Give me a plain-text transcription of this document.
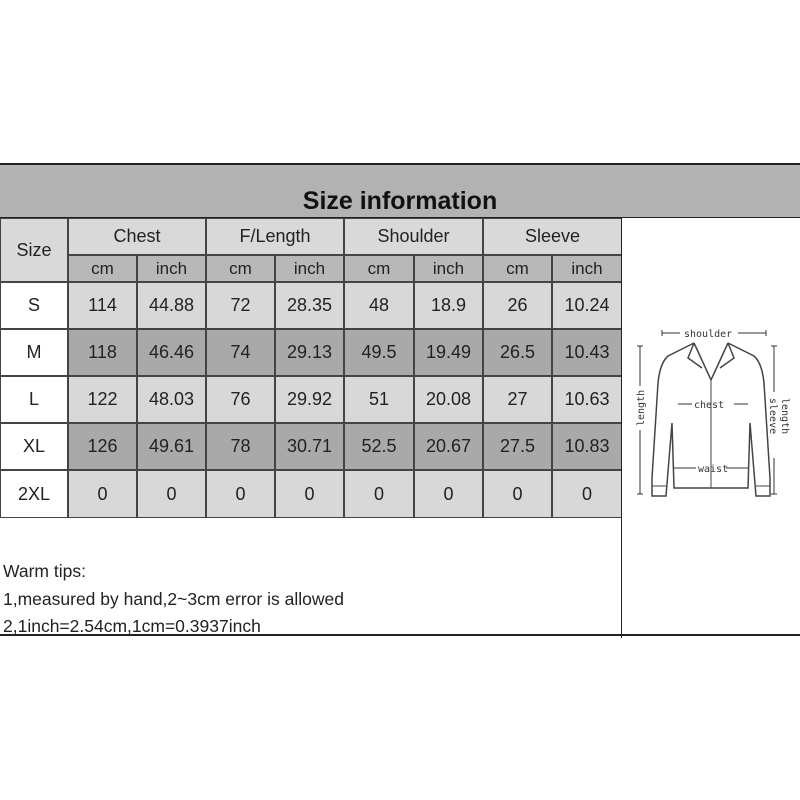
Size information
Size
Chest	F/Length	Shoulder	Sleeve
cm	inch	cm	inch	cm	inch	cm	inch
S	114	44.88	72	28.35	48	18.9	26	10.24
M	118	46.46	74	29.13	49.5	19.49	26.5	10.43
L	122	48.03	76	29.92	51	20.08	27	10.63
XL	126	49.61	78	30.71	52.5	20.67	27.5	10.83
2XL	0	0	0	0	0	0	0	0
Warm tips:
1,measured by hand,2~3cm error is allowed
2,1inch=2.54cm,1cm=0.3937inch
shoulder
chest
waist
length	sleeve length
